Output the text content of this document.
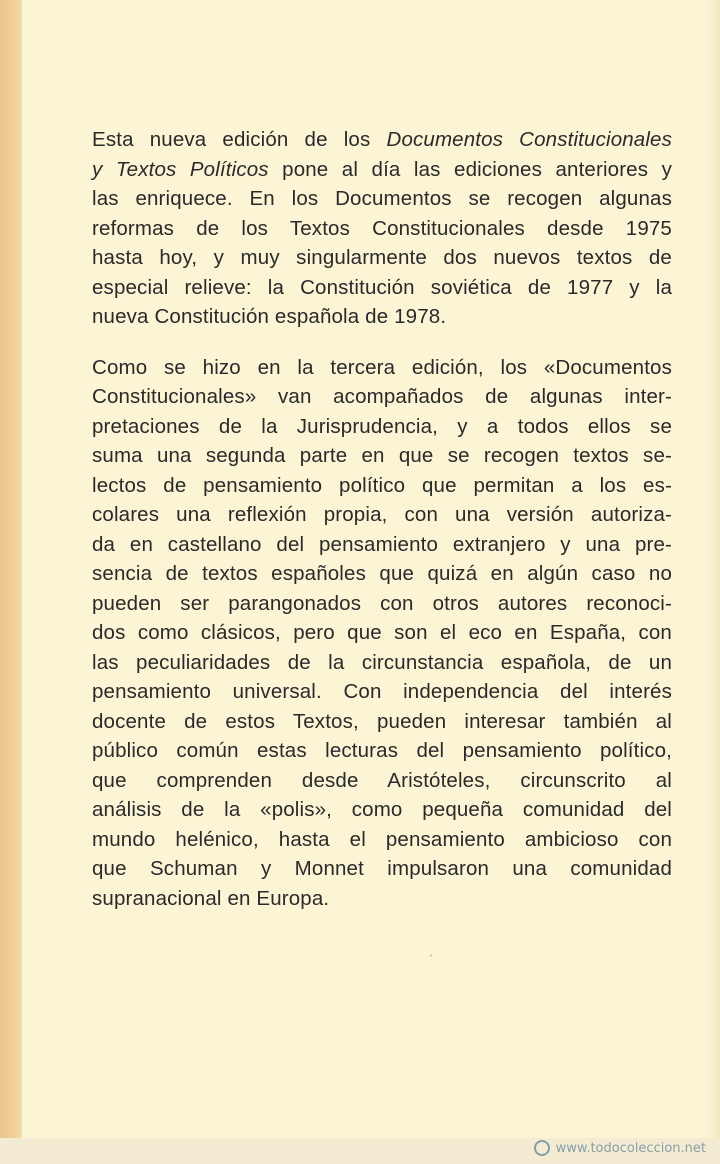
Esta nueva edición de los Documentos Constitucionales
y Textos Políticos pone al día las ediciones anteriores y
las enriquece. En los Documentos se recogen algunas
reformas de los Textos Constitucionales desde 1975
hasta hoy, y muy singularmente dos nuevos textos de
especial relieve: la Constitución soviética de 1977 y la
nueva Constitución española de 1978.

Como se hizo en la tercera edición, los «Documentos
Constitucionales» van acompañados de algunas inter-
pretaciones de la Jurisprudencia, y a todos ellos se
suma una segunda parte en que se recogen textos se-
lectos de pensamiento político que permitan a los es-
colares una reflexión propia, con una versión autoriza-
da en castellano del pensamiento extranjero y una pre-
sencia de textos españoles que quizá en algún caso no
pueden ser parangonados con otros autores reconoci-
dos como clásicos, pero que son el eco en España, con
las peculiaridades de la circunstancia española, de un
pensamiento universal. Con independencia del interés
docente de estos Textos, pueden interesar también al
público común estas lecturas del pensamiento político,
que comprenden desde Aristóteles, circunscrito al
análisis de la «polis», como pequeña comunidad del
mundo helénico, hasta el pensamiento ambicioso con
que Schuman y Monnet impulsaron una comunidad
supranacional en Europa.

ˏ
www.todocoleccion.net
